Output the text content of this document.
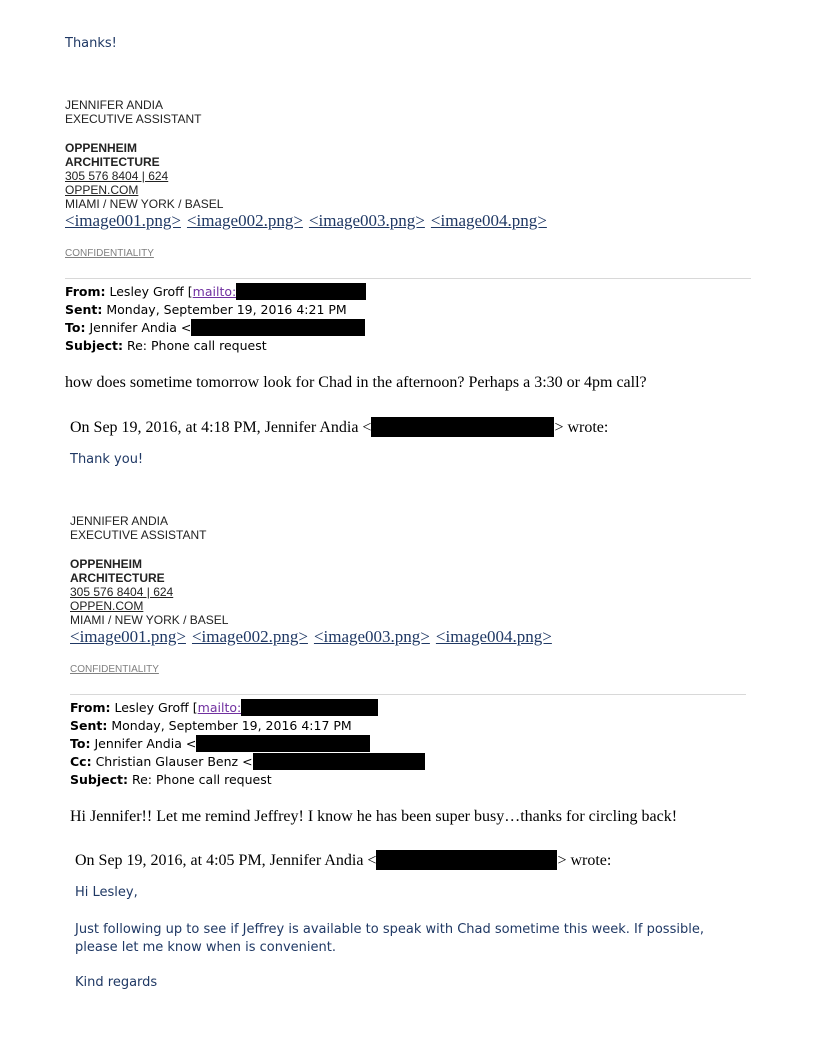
Thanks!
JENNIFER ANDIA
EXECUTIVE ASSISTANT
OPPENHEIM
ARCHITECTURE
305 576 8404 | 624
OPPEN.COM
MIAMI / NEW YORK / BASEL
<image001.png> <image002.png> <image003.png> <image004.png>
CONFIDENTIALITY
From: Lesley Groff [mailto:
Sent: Monday, September 19, 2016 4:21 PM
To: Jennifer Andia <
Subject: Re: Phone call request
how does sometime tomorrow look for Chad in the afternoon? Perhaps a 3:30 or 4pm call?
On Sep 19, 2016, at 4:18 PM, Jennifer Andia <	> wrote:
Thank you!
JENNIFER ANDIA
EXECUTIVE ASSISTANT
OPPENHEIM
ARCHITECTURE
305 576 8404 | 624
OPPEN.COM
MIAMI / NEW YORK / BASEL
<image001.png> <image002.png> <image003.png> <image004.png>
CONFIDENTIALITY
From: Lesley Groff [mailto:
Sent: Monday, September 19, 2016 4:17 PM
To: Jennifer Andia <
Cc: Christian Glauser Benz <
Subject: Re: Phone call request
Hi Jennifer!! Let me remind Jeffrey! I know he has been super busy…thanks for circling back!
On Sep 19, 2016, at 4:05 PM, Jennifer Andia <	> wrote:
Hi Lesley,
Just following up to see if Jeffrey is available to speak with Chad sometime this week. If possible, please let me know when is convenient.
Kind regards
